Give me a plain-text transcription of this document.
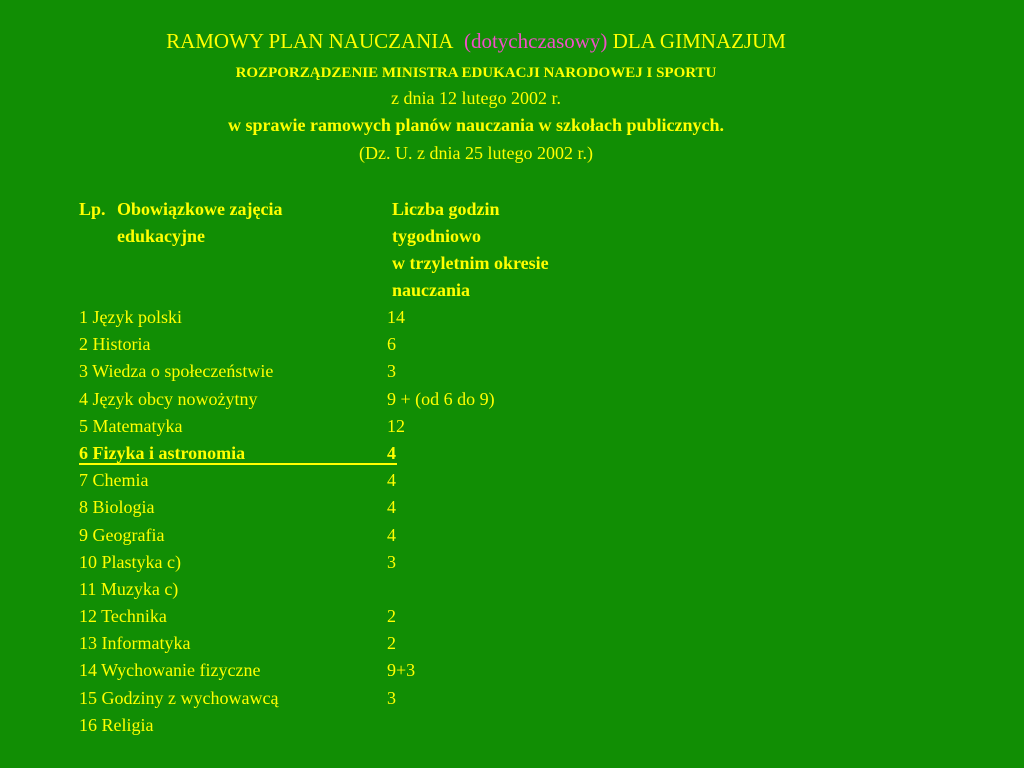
RAMOWY PLAN NAUCZANIA (dotychczasowy) DLA GIMNAZJUM
ROZPORZĄDZENIE MINISTRA EDUKACJI NARODOWEJ I SPORTU
z dnia 12 lutego 2002 r.
w sprawie ramowych planów nauczania w szkołach publicznych.
(Dz. U. z dnia 25 lutego 2002 r.)
Lp. Obowiązkowe zajęcia
edukacyjne
Liczba godzin
tygodniowo
w trzyletnim okresie
nauczania
1 Język polski	14
2 Historia	6
3 Wiedza o społeczeństwie	3
4 Język obcy nowożytny	9 + (od 6 do 9)
5 Matematyka	12
6 Fizyka i astronomia	4
7 Chemia	4
8 Biologia	4
9 Geografia	4
10 Plastyka c)	3
11 Muzyka c)
12 Technika	2
13 Informatyka	2
14 Wychowanie fizyczne	9+3
15 Godziny z wychowawcą	3
16 Religia
